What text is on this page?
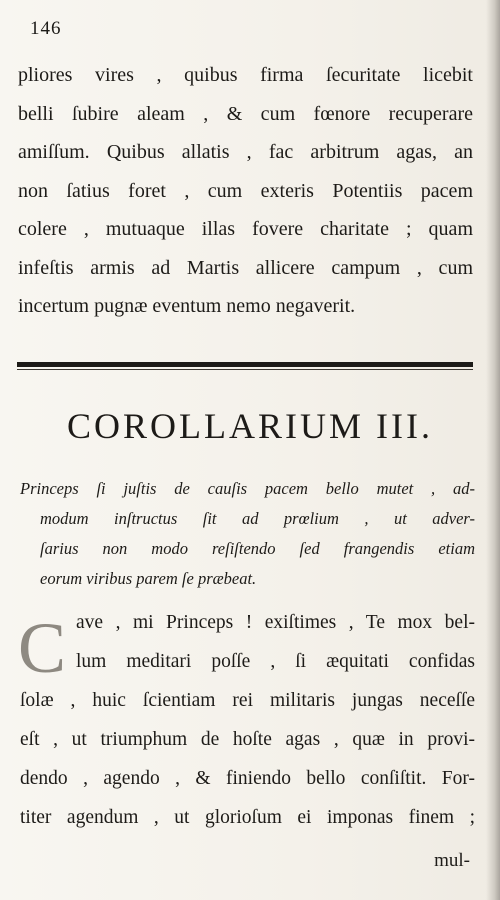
146
pliores vires , quibus firma ſecuritate licebit
belli ſubire aleam , & cum fœnore recuperare
amiſſum. Quibus allatis , fac arbitrum agas, an
non ſatius foret , cum exteris Potentiis pacem
colere , mutuaque illas fovere charitate ; quam
infeſtis armis ad Martis allicere campum , cum
incertum pugnæ eventum nemo negaverit.
COROLLARIUM III.
Princeps ſi juſtis de cauſis pacem bello mutet , ad-
modum inſtructus ſit ad prœlium , ut adver-
ſarius non modo reſiſtendo ſed frangendis etiam
eorum viribus parem ſe præbeat.
C ave , mi Princeps ! exiſtimes , Te mox bel-
lum meditari poſſe , ſi æquitati confidas
ſolæ , huic ſcientiam rei militaris jungas neceſſe
eſt , ut triumphum de hoſte agas , quæ in provi-
dendo , agendo , & finiendo bello conſiſtit. For-
titer agendum , ut glorioſum ei imponas finem ;
mul-
